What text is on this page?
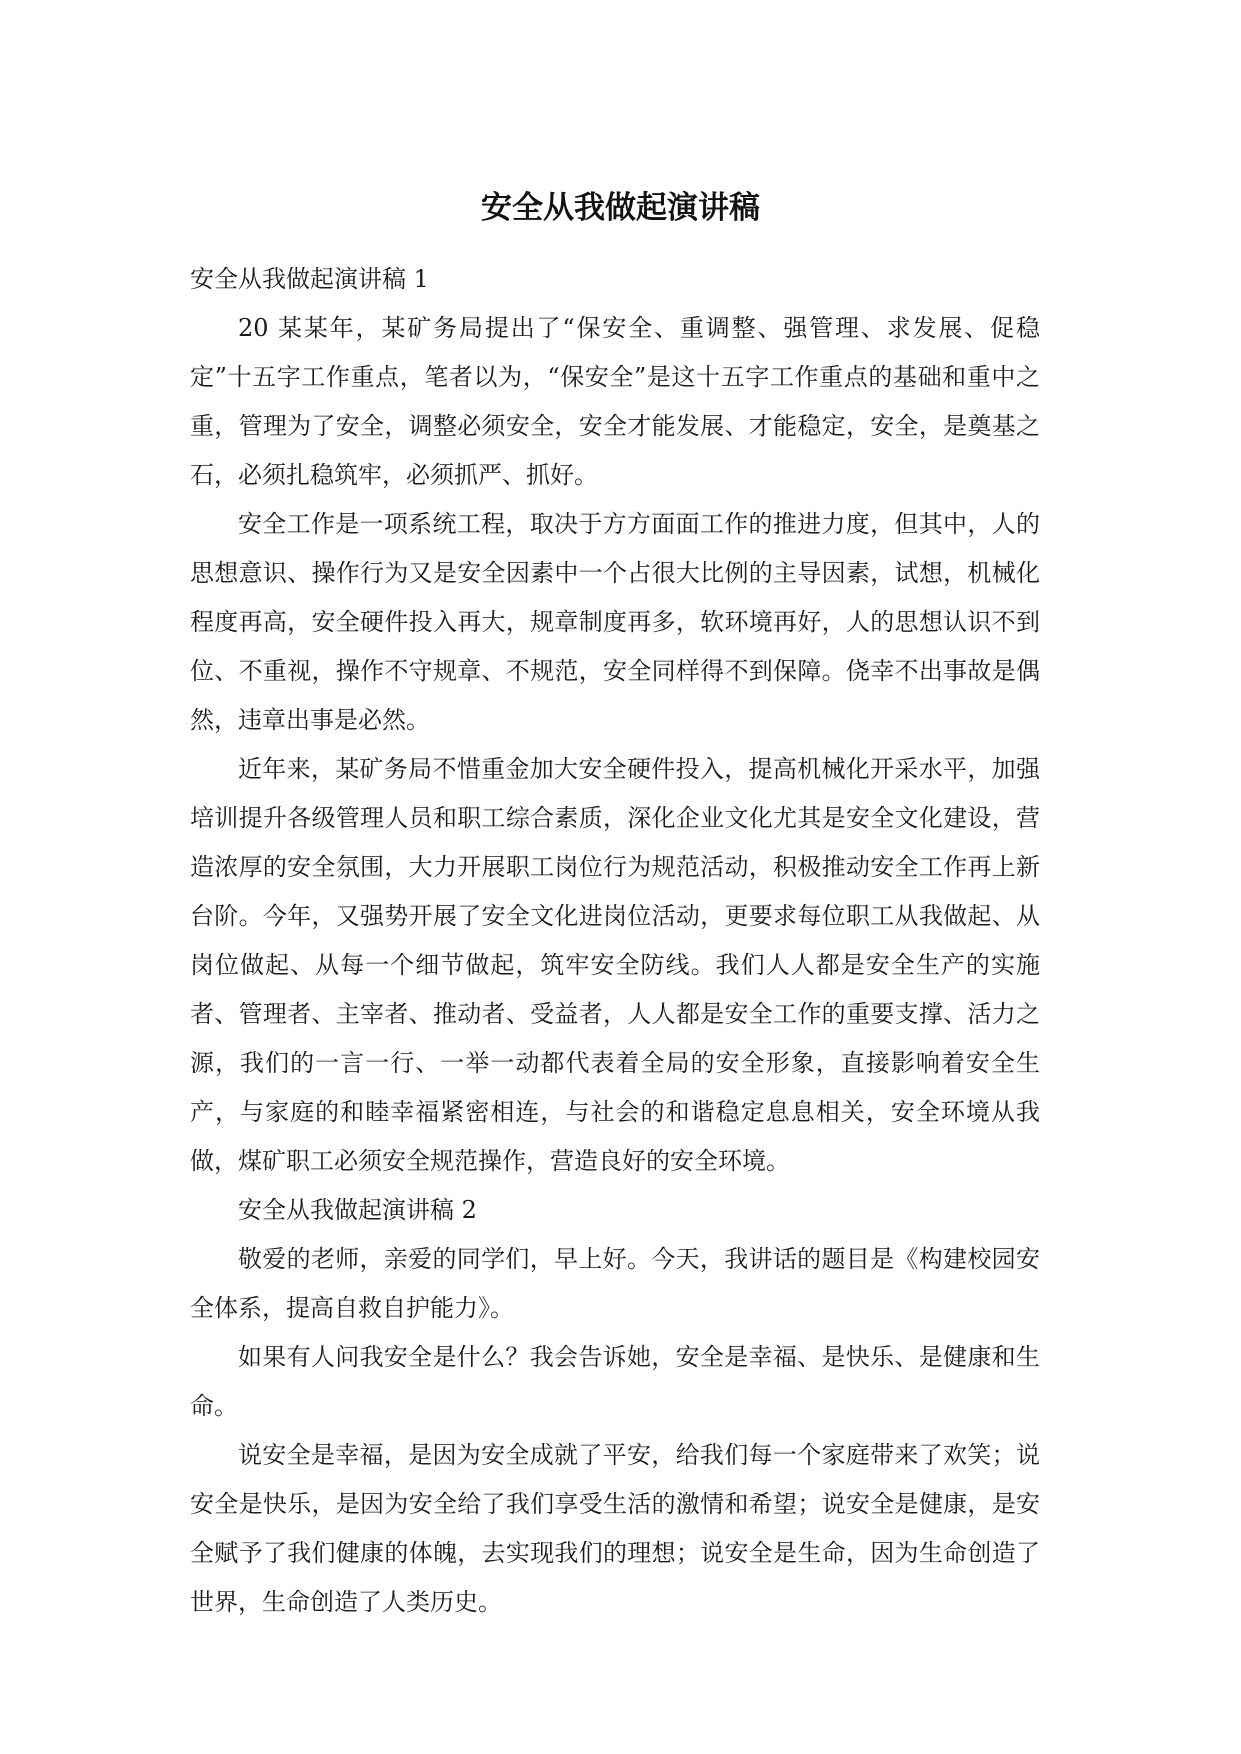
安全从我做起演讲稿

安全从我做起演讲稿 1

20 某某年，某矿务局提出了“保安全、重调整、强管理、求发展、促稳定”十五字工作重点，笔者以为，“保安全”是这十五字工作重点的基础和重中之重，管理为了安全，调整必须安全，安全才能发展、才能稳定，安全，是奠基之石，必须扎稳筑牢，必须抓严、抓好。

安全工作是一项系统工程，取决于方方面面工作的推进力度，但其中，人的思想意识、操作行为又是安全因素中一个占很大比例的主导因素，试想，机械化程度再高，安全硬件投入再大，规章制度再多，软环境再好，人的思想认识不到位、不重视，操作不守规章、不规范，安全同样得不到保障。侥幸不出事故是偶然，违章出事是必然。

近年来，某矿务局不惜重金加大安全硬件投入，提高机械化开采水平，加强培训提升各级管理人员和职工综合素质，深化企业文化尤其是安全文化建设，营造浓厚的安全氛围，大力开展职工岗位行为规范活动，积极推动安全工作再上新台阶。今年，又强势开展了安全文化进岗位活动，更要求每位职工从我做起、从岗位做起、从每一个细节做起，筑牢安全防线。我们人人都是安全生产的实施者、管理者、主宰者、推动者、受益者，人人都是安全工作的重要支撑、活力之源，我们的一言一行、一举一动都代表着全局的安全形象，直接影响着安全生产，与家庭的和睦幸福紧密相连，与社会的和谐稳定息息相关，安全环境从我做，煤矿职工必须安全规范操作，营造良好的安全环境。

安全从我做起演讲稿 2

敬爱的老师，亲爱的同学们，早上好。今天，我讲话的题目是《构建校园安全体系，提高自救自护能力》。

如果有人问我安全是什么？我会告诉她，安全是幸福、是快乐、是健康和生命。

说安全是幸福，是因为安全成就了平安，给我们每一个家庭带来了欢笑；说安全是快乐，是因为安全给了我们享受生活的激情和希望；说安全是健康，是安全赋予了我们健康的体魄，去实现我们的理想；说安全是生命，因为生命创造了世界，生命创造了人类历史。
